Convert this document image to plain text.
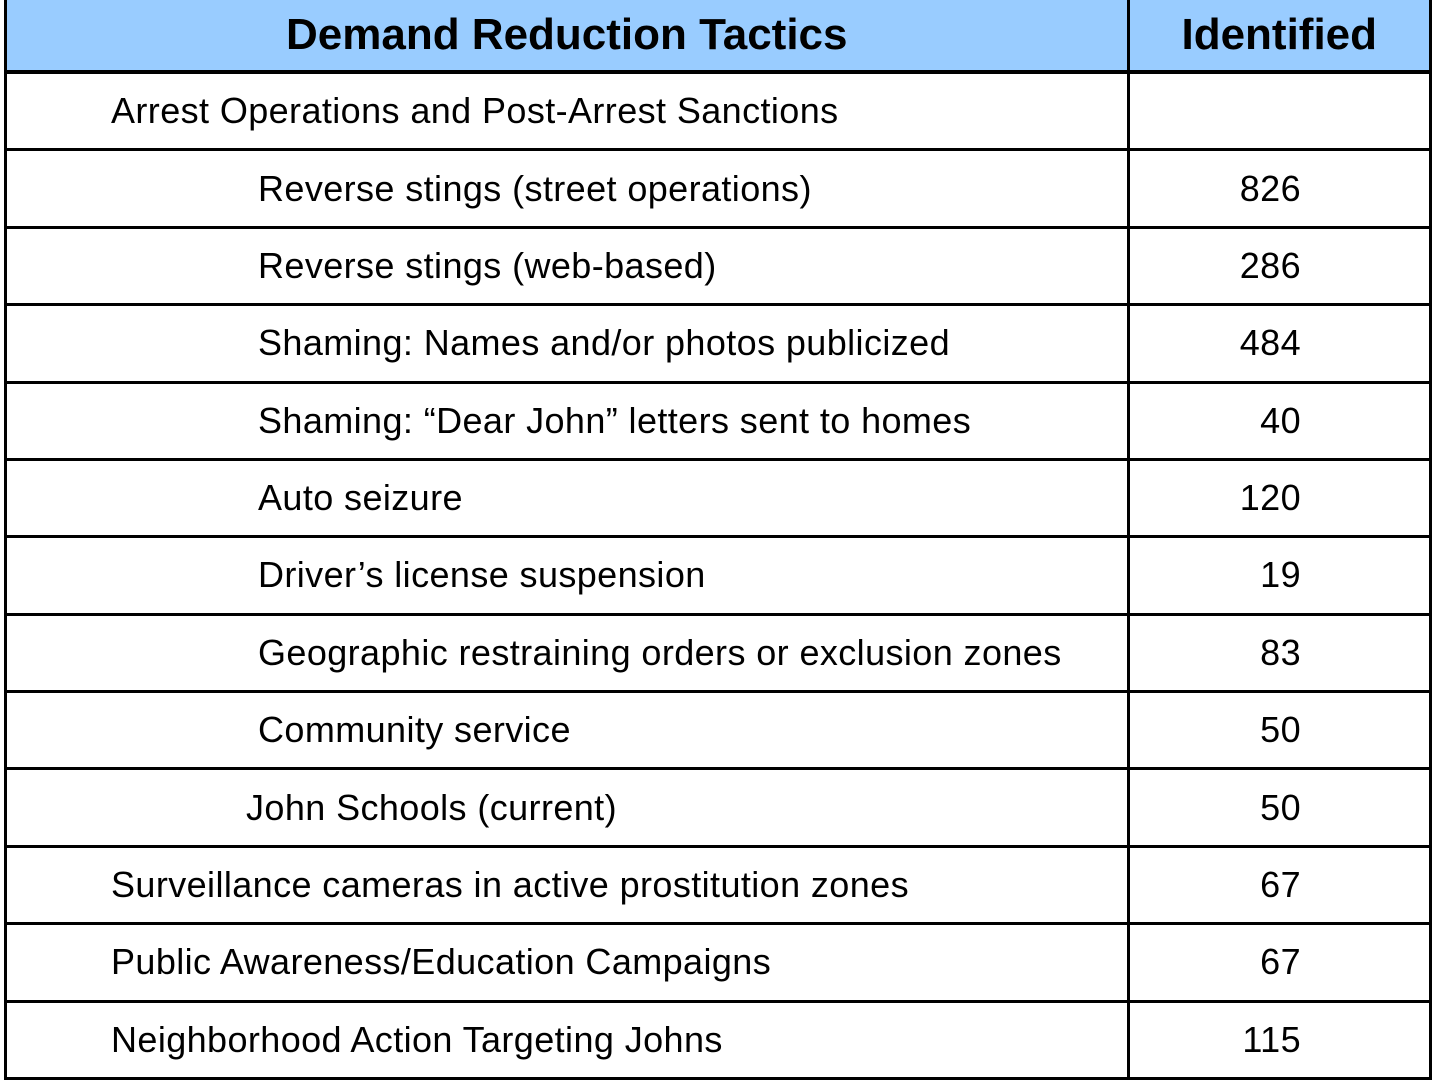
Demand Reduction Tactics	Identified
Arrest Operations and Post-Arrest Sanctions	
Reverse stings (street operations)	826
Reverse stings (web-based)	286
Shaming: Names and/or photos publicized	484
Shaming: “Dear John” letters sent to homes	40
Auto seizure	120
Driver’s license suspension	19
Geographic restraining orders or exclusion zones	83
Community service	50
John Schools (current)	50
Surveillance cameras in active prostitution zones	67
Public Awareness/Education Campaigns	67
Neighborhood Action Targeting Johns	115
